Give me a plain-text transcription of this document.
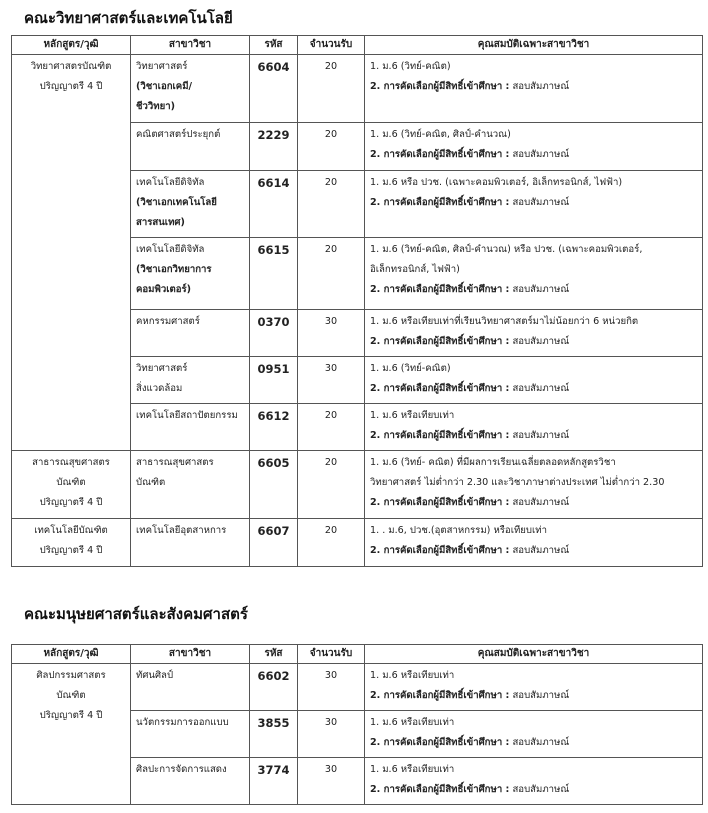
คณะวิทยาศาสตร์และเทคโนโลยี
หลักสูตร/วุฒิ	สาขาวิชา	รหัส	จำนวนรับ	คุณสมบัติเฉพาะสาขาวิชา

วิทยาศาสตรบัณฑิต
ปริญญาตรี 4 ปี	วิทยาศาสตร์
(วิชาเอกเคมี/
ชีววิทยา)	6604	20	1. ม.6 (วิทย์-คณิต)
2. การคัดเลือกผู้มีสิทธิ์เข้าศึกษา : สอบสัมภาษณ์

	คณิตศาสตร์ประยุกต์	2229	20	1. ม.6 (วิทย์-คณิต, ศิลป์-คำนวณ)
2. การคัดเลือกผู้มีสิทธิ์เข้าศึกษา : สอบสัมภาษณ์

	เทคโนโลยีดิจิทัล
(วิชาเอกเทคโนโลยี
สารสนเทศ)	6614	20	1. ม.6 หรือ ปวช. (เฉพาะคอมพิวเตอร์, อิเล็กทรอนิกส์, ไฟฟ้า)
2. การคัดเลือกผู้มีสิทธิ์เข้าศึกษา : สอบสัมภาษณ์

	เทคโนโลยีดิจิทัล
(วิชาเอกวิทยาการ
คอมพิวเตอร์)	6615	20	1. ม.6 (วิทย์-คณิต, ศิลป์-คำนวณ) หรือ ปวช. (เฉพาะคอมพิวเตอร์,
อิเล็กทรอนิกส์, ไฟฟ้า)
2. การคัดเลือกผู้มีสิทธิ์เข้าศึกษา : สอบสัมภาษณ์

	คหกรรมศาสตร์	0370	30	1. ม.6 หรือเทียบเท่าที่เรียนวิทยาศาสตร์มาไม่น้อยกว่า 6 หน่วยกิต
2. การคัดเลือกผู้มีสิทธิ์เข้าศึกษา : สอบสัมภาษณ์

	วิทยาศาสตร์
สิ่งแวดล้อม	0951	30	1. ม.6 (วิทย์-คณิต)
2. การคัดเลือกผู้มีสิทธิ์เข้าศึกษา : สอบสัมภาษณ์

	เทคโนโลยีสถาปัตยกรรม	6612	20	1. ม.6 หรือเทียบเท่า
2. การคัดเลือกผู้มีสิทธิ์เข้าศึกษา : สอบสัมภาษณ์

สาธารณสุขศาสตร
บัณฑิต
ปริญญาตรี 4 ปี	สาธารณสุขศาสตร
บัณฑิต	6605	20	1. ม.6 (วิทย์- คณิต) ที่มีผลการเรียนเฉลี่ยตลอดหลักสูตรวิชา
วิทยาศาสตร์ ไม่ต่ำกว่า 2.30 และวิชาภาษาต่างประเทศ ไม่ต่ำกว่า 2.30
2. การคัดเลือกผู้มีสิทธิ์เข้าศึกษา : สอบสัมภาษณ์

เทคโนโลยีบัณฑิต
ปริญญาตรี 4 ปี	เทคโนโลยีอุตสาหการ	6607	20	1. . ม.6, ปวช.(อุตสาหกรรม) หรือเทียบเท่า
2. การคัดเลือกผู้มีสิทธิ์เข้าศึกษา : สอบสัมภาษณ์
คณะมนุษยศาสตร์และสังคมศาสตร์
หลักสูตร/วุฒิ	สาขาวิชา	รหัส	จำนวนรับ	คุณสมบัติเฉพาะสาขาวิชา

ศิลปกรรมศาสตร
บัณฑิต
ปริญญาตรี 4 ปี	ทัศนศิลป์	6602	30	1. ม.6 หรือเทียบเท่า
2. การคัดเลือกผู้มีสิทธิ์เข้าศึกษา : สอบสัมภาษณ์

	นวัตกรรมการออกแบบ	3855	30	1. ม.6 หรือเทียบเท่า
2. การคัดเลือกผู้มีสิทธิ์เข้าศึกษา : สอบสัมภาษณ์

	ศิลปะการจัดการแสดง	3774	30	1. ม.6 หรือเทียบเท่า
2. การคัดเลือกผู้มีสิทธิ์เข้าศึกษา : สอบสัมภาษณ์
